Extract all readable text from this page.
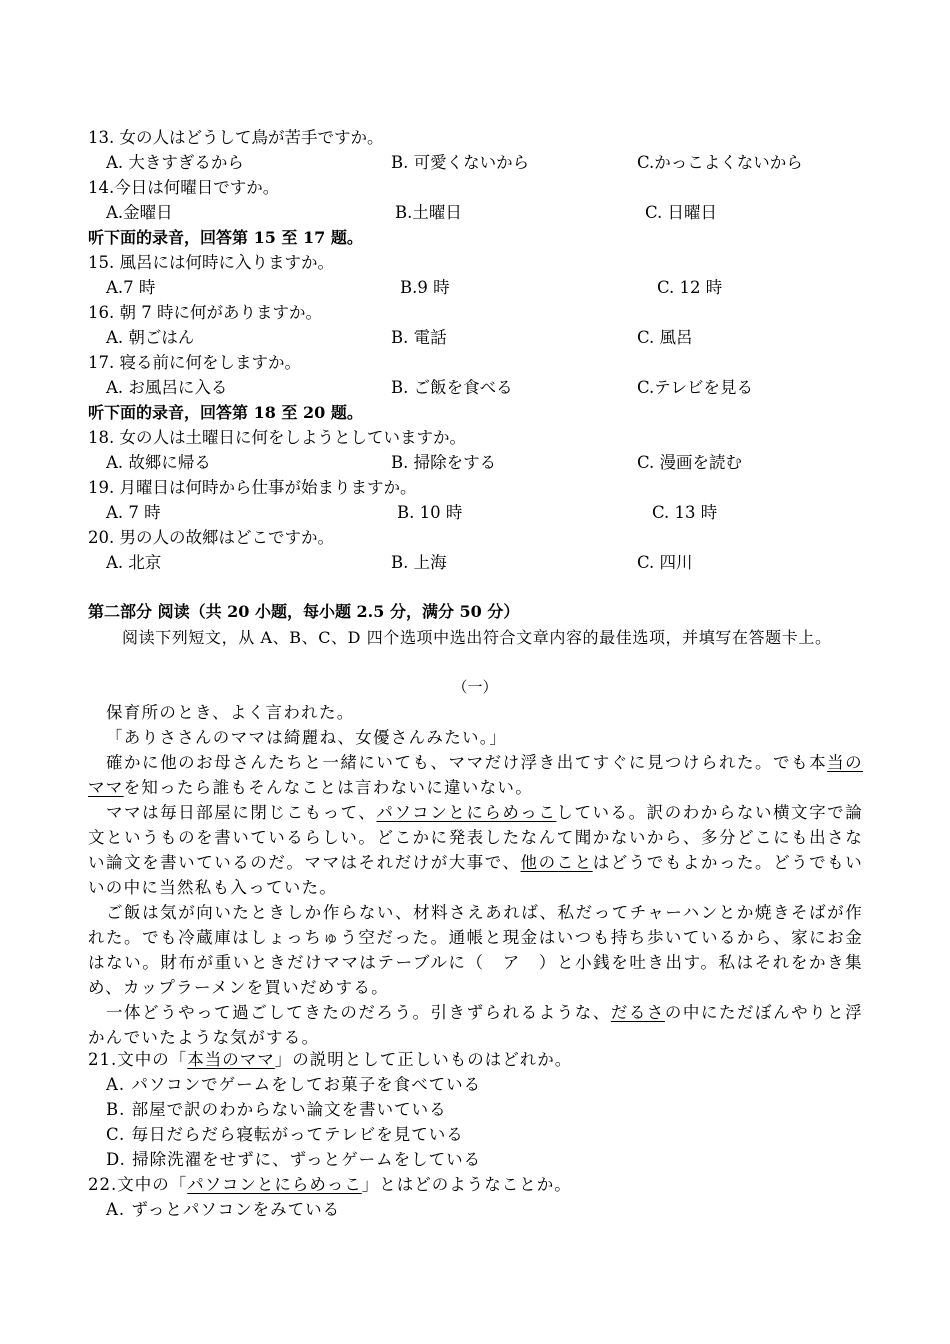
13. 女の人はどうして鳥が苦手ですか。
A. 大きすぎるから	B. 可愛くないから	C.かっこよくないから
14.今日は何曜日ですか。
A.金曜日	B.土曜日	C. 日曜日
听下面的录音，回答第 15 至 17 题。
15. 風呂には何時に入りますか。
A.7 時	B.9 時	C. 12 時
16. 朝 7 時に何がありますか。
A. 朝ごはん	B. 電話	C. 風呂
17. 寝る前に何をしますか。
A. お風呂に入る	B. ご飯を食べる	C.テレビを見る
听下面的录音，回答第 18 至 20 题。
18. 女の人は土曜日に何をしようとしていますか。
A. 故郷に帰る	B. 掃除をする	C. 漫画を読む
19. 月曜日は何時から仕事が始まりますか。
A. 7 時	B. 10 時	C. 13 時
20. 男の人の故郷はどこですか。
A. 北京	B. 上海	C. 四川
第二部分 阅读（共 20 小题，每小题 2.5 分，满分 50 分）
阅读下列短文，从 A、B、C、D 四个选项中选出符合文章内容的最佳选项，并填写在答题卡上。
（一）
保育所のとき、よく言われた。
「ありささんのママは綺麗ね、女優さんみたい。」
確かに他のお母さんたちと一緒にいても、ママだけ浮き出てすぐに見つけられた。でも本当のママを知ったら誰もそんなことは言わないに違いない。
ママは毎日部屋に閉じこもって、パソコンとにらめっこしている。訳のわからない横文字で論文というものを書いているらしい。どこかに発表したなんて聞かないから、多分どこにも出さない論文を書いているのだ。ママはそれだけが大事で、他のことはどうでもよかった。どうでもいいの中に当然私も入っていた。
ご飯は気が向いたときしか作らない、材料さえあれば、私だってチャーハンとか焼きそばが作れた。でも冷蔵庫はしょっちゅう空だった。通帳と現金はいつも持ち歩いているから、家にお金はない。財布が重いときだけママはテーブルに（　ア　）と小銭を吐き出す。私はそれをかき集め、カップラーメンを買いだめする。
一体どうやって過ごしてきたのだろう。引きずられるような、だるさの中にただぼんやりと浮かんでいたような気がする。
21.文中の「本当のママ」の説明として正しいものはどれか。
A. パソコンでゲームをしてお菓子を食べている
B. 部屋で訳のわからない論文を書いている
C. 毎日だらだら寝転がってテレビを見ている
D. 掃除洗濯をせずに、ずっとゲームをしている
22.文中の「パソコンとにらめっこ」とはどのようなことか。
A. ずっとパソコンをみている
